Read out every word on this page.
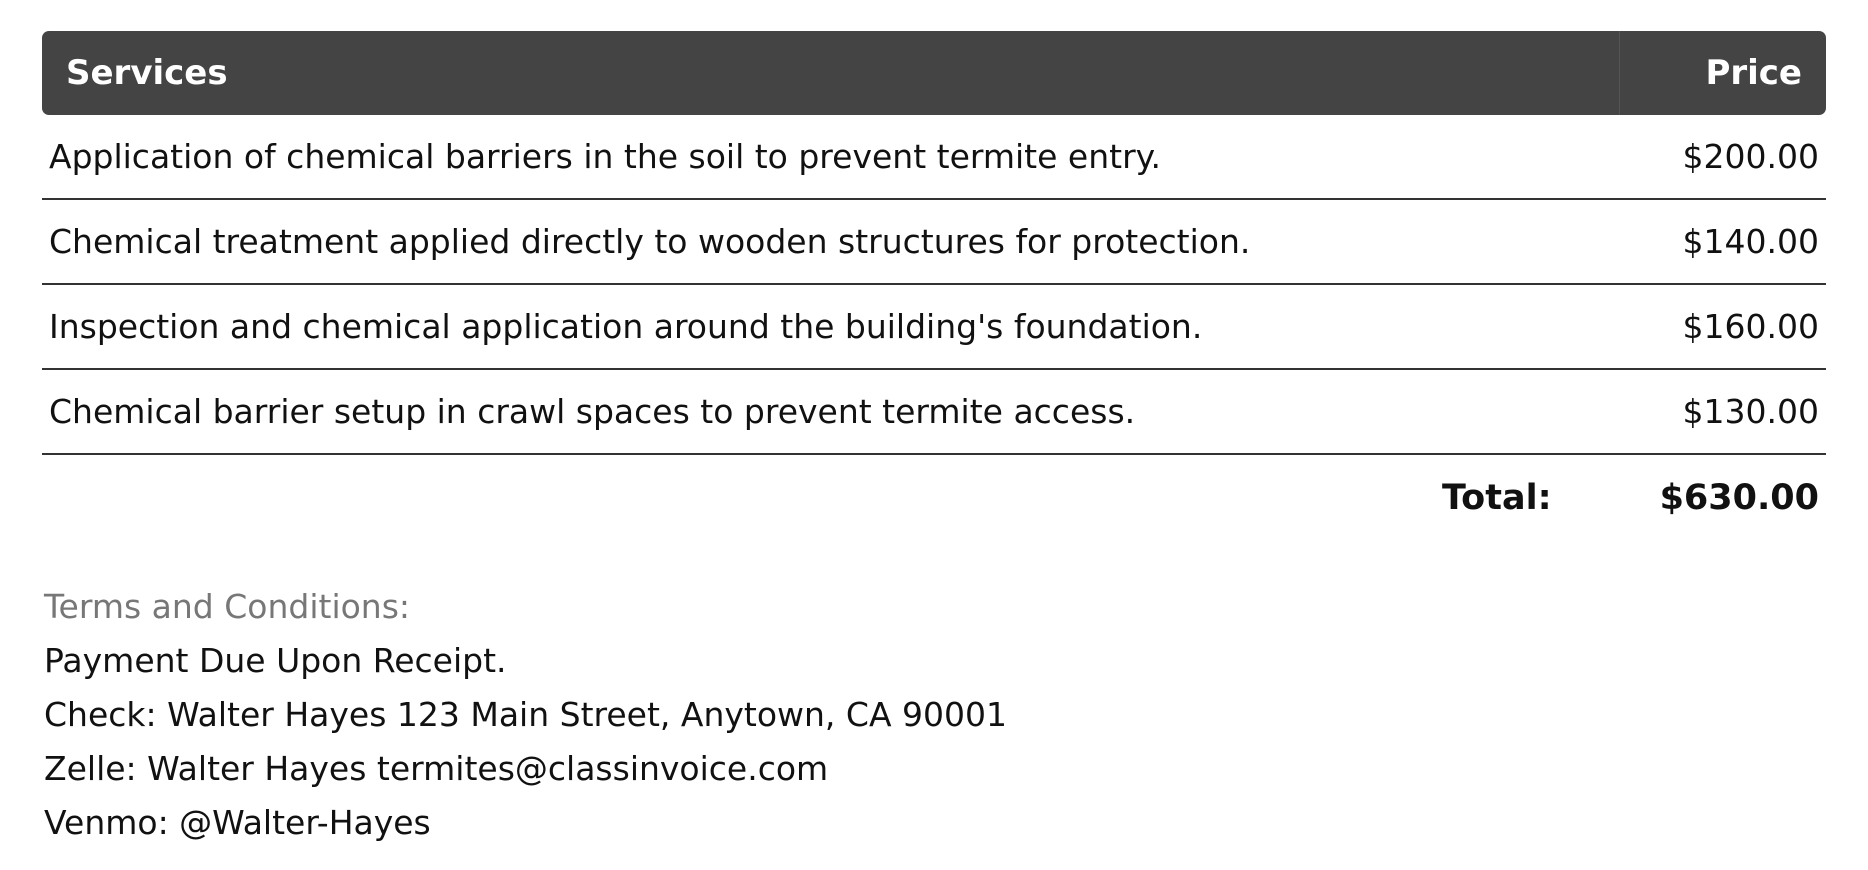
Services	Price
Application of chemical barriers in the soil to prevent termite entry.	$200.00
Chemical treatment applied directly to wooden structures for protection.	$140.00
Inspection and chemical application around the building's foundation.	$160.00
Chemical barrier setup in crawl spaces to prevent termite access.	$130.00
Total:	$630.00
Terms and Conditions:
Payment Due Upon Receipt.
Check: Walter Hayes 123 Main Street, Anytown, CA 90001
Zelle: Walter Hayes termites@classinvoice.com
Venmo: @Walter-Hayes
